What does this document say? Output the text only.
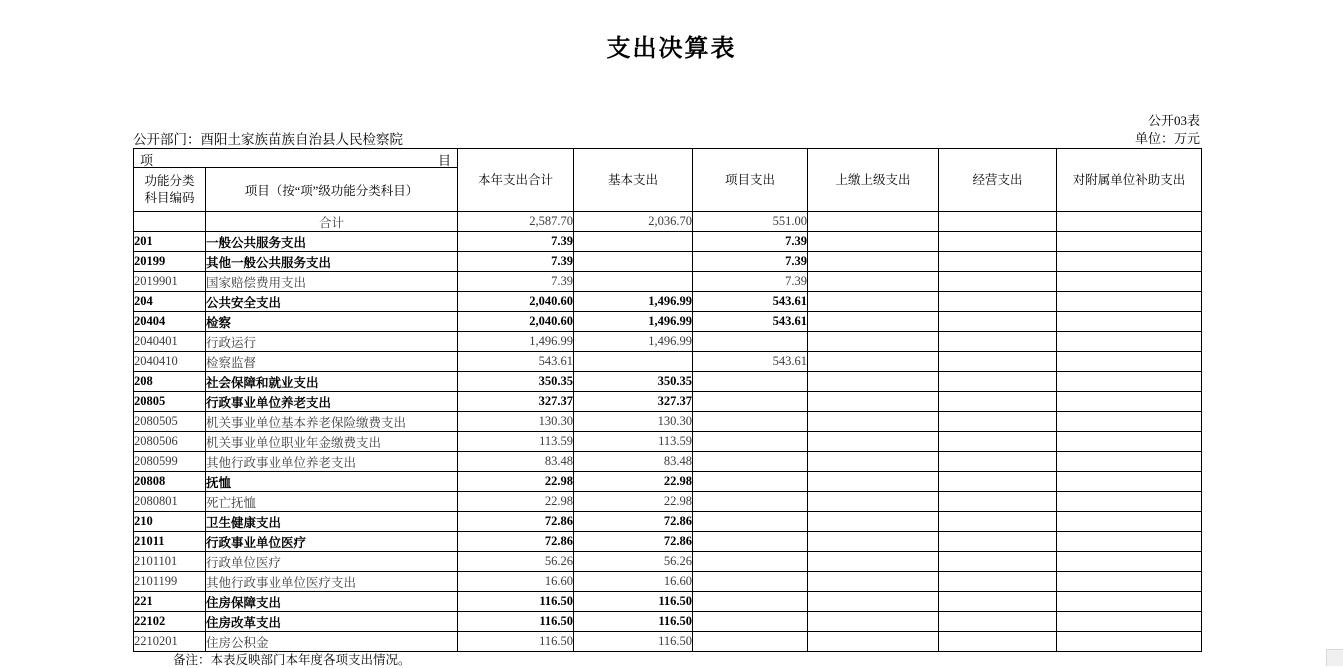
支出决算表
公开03表
单位：万元
公开部门：酉阳土家族苗族自治县人民检察院
项 目		本年支出合计	基本支出	项目支出	上缴上级支出	经营支出	对附属单位补助支出

功能分类
科目编码	项目（按“项”级功能分类科目）						
	合计	2,587.70	2,036.70	551.00			
201	一般公共服务支出	7.39		7.39			
20199	其他一般公共服务支出	7.39		7.39			
2019901	国家赔偿费用支出	7.39		7.39			
204	公共安全支出	2,040.60	1,496.99	543.61			
20404	检察	2,040.60	1,496.99	543.61			
2040401	行政运行	1,496.99	1,496.99				
2040410	检察监督	543.61		543.61			
208	社会保障和就业支出	350.35	350.35				
20805	行政事业单位养老支出	327.37	327.37				
2080505	机关事业单位基本养老保险缴费支出	130.30	130.30				
2080506	机关事业单位职业年金缴费支出	113.59	113.59				
2080599	其他行政事业单位养老支出	83.48	83.48				
20808	抚恤	22.98	22.98				
2080801	死亡抚恤	22.98	22.98				
210	卫生健康支出	72.86	72.86				
21011	行政事业单位医疗	72.86	72.86				
2101101	行政单位医疗	56.26	56.26				
2101199	其他行政事业单位医疗支出	16.60	16.60				
221	住房保障支出	116.50	116.50				
22102	住房改革支出	116.50	116.50				
2210201	住房公积金	116.50	116.50				
备注：本表反映部门本年度各项支出情况。
